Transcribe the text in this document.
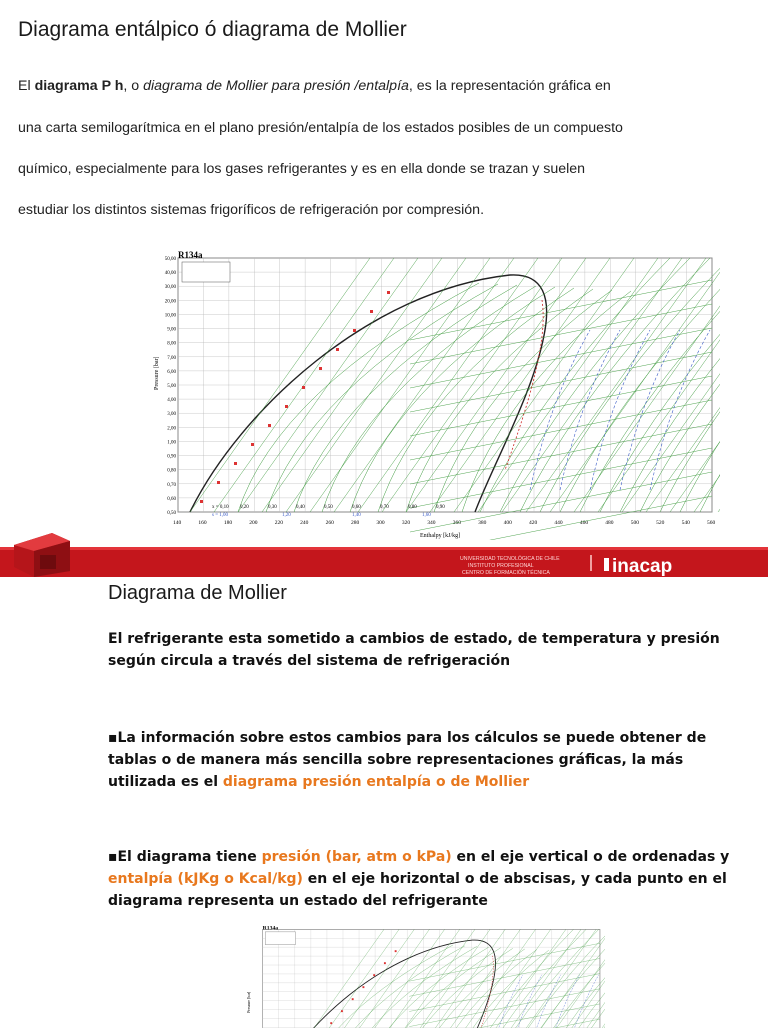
Diagrama entálpico ó diagrama de Mollier
El diagrama P h, o diagrama de Mollier para presión /entalpía, es la representación gráfica en
una carta semilogarítmica en el plano presión/entalpía de los estados posibles de un compuesto
químico, especialmente para los gases refrigerantes y es en ella donde se trazan y suelen
estudiar los distintos sistemas frigoríficos de refrigeración por compresión.
140	160	180	200	220	240	260	280	300	320	340	360	380	400	420	440	460	480	500	520	540	560
50,00
40,00
30,00
20,00
10,00
9,00
8,00
7,00
6,00
5,00
4,00
3,00
2,00
1,00
0,90
0,80
0,70
0,60
0,50
x = 0,10 0,20	0,30	0,40	0,50	0,60	0,70	0,80	0,90
s = 1,00	1,20	1,40	1,60
R134a
Pressure [bar]
Enthalpy [kJ/kg]
UNIVERSIDAD TECNOLÓGICA DE CHILE
INSTITUTO PROFESIONAL
CENTRO DE FORMACIÓN TÉCNICA	inacap
Diagrama de Mollier
El refrigerante esta sometido a cambios de estado, de temperatura y presión
según circula a través del sistema de refrigeración
▪La información sobre estos cambios para los cálculos se puede obtener de
tablas o de manera más sencilla sobre representaciones gráficas, la más
utilizada es el diagrama presión entalpía o de Mollier
▪El diagrama tiene presión (bar, atm o kPa) en el eje vertical o de ordenadas y
entalpía (kJKg o Kcal/kg) en el eje horizontal o de abscisas, y cada punto en el
diagrama representa un estado del refrigerante
R134a
Pressure [bar]
